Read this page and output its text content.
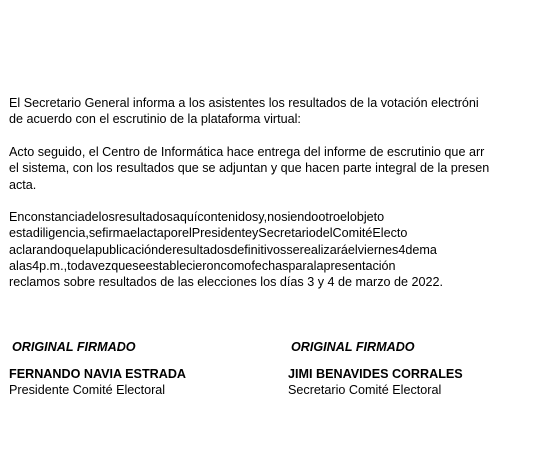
El Secretario General informa a los asistentes los resultados de la votación electróni
de acuerdo con el escrutinio de la plataforma virtual:
Acto seguido, el Centro de Informática hace entrega del informe de escrutinio que arr
el sistema, con los resultados que se adjuntan y que hacen parte integral de la presen
acta.
Enconstanciadelosresultadosaquícontenidosy,nosiendootroelobjeto
estadiligencia,sefirmaelactaporelPresidenteySecretariodelComitéElecto
aclarandoquelapublicaciónderesultadosdefinitivosserealizaráelviernes4dema
alas4p.m.,todavezqueseestablecieroncomofechasparalapresentación
reclamos sobre resultados de las elecciones los días 3 y 4 de marzo de 2022.
ORIGINAL FIRMADO
FERNANDO NAVIA ESTRADA
Presidente Comité Electoral
ORIGINAL FIRMADO
JIMI BENAVIDES CORRALES
Secretario Comité Electoral
